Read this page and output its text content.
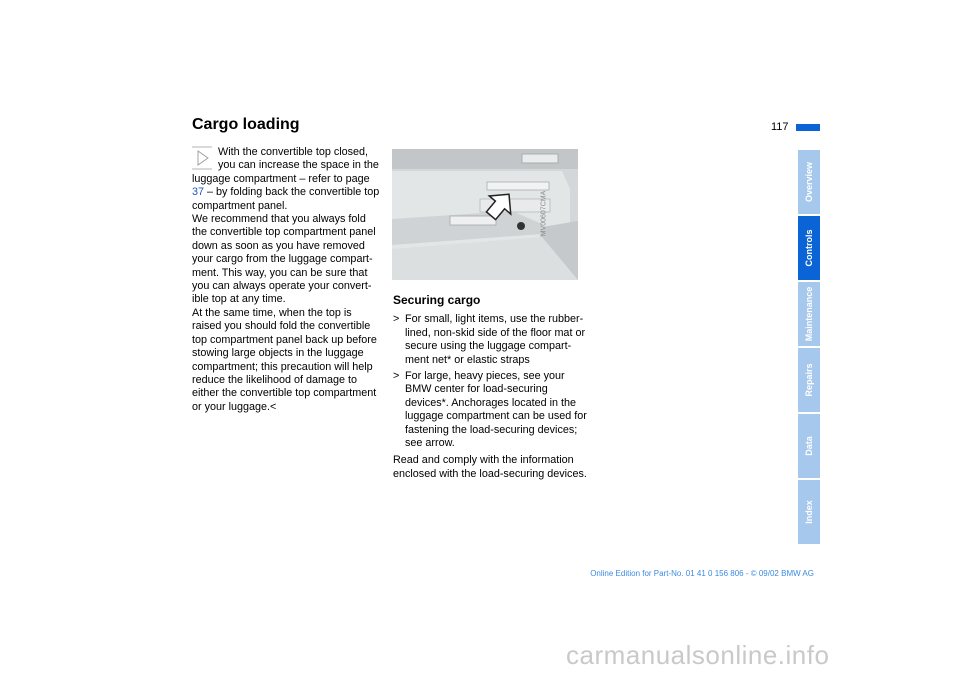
Cargo loading	117

With the convertible top closed, you can increase the space in the luggage compartment – refer to page 37 – by folding back the convertible top compartment panel.

We recommend that you always fold the convertible top compartment panel down as soon as you have removed your cargo from the luggage compartment. This way, you can be sure that you can always operate your convertible top at any time.

At the same time, when the top is raised you should fold the convertible top compartment panel back up before stowing large objects in the luggage compartment; this precaution will help reduce the likelihood of damage to either the convertible top compartment or your luggage.<

MV00607CMA
Securing cargo
> For small, light items, use the rubber-lined, non-skid side of the floor mat or secure using the luggage compartment net* or elastic straps
> For large, heavy pieces, see your BMW center for load-securing devices*. Anchorages located in the luggage compartment can be used for fastening the load-securing devices; see arrow.

Read and comply with the information enclosed with the load-securing devices.

Overview
Controls
Maintenance
Repairs
Data
Index
Online Edition for Part-No. 01 41 0 156 806 - © 09/02 BMW AG
carmanualsonline.info
